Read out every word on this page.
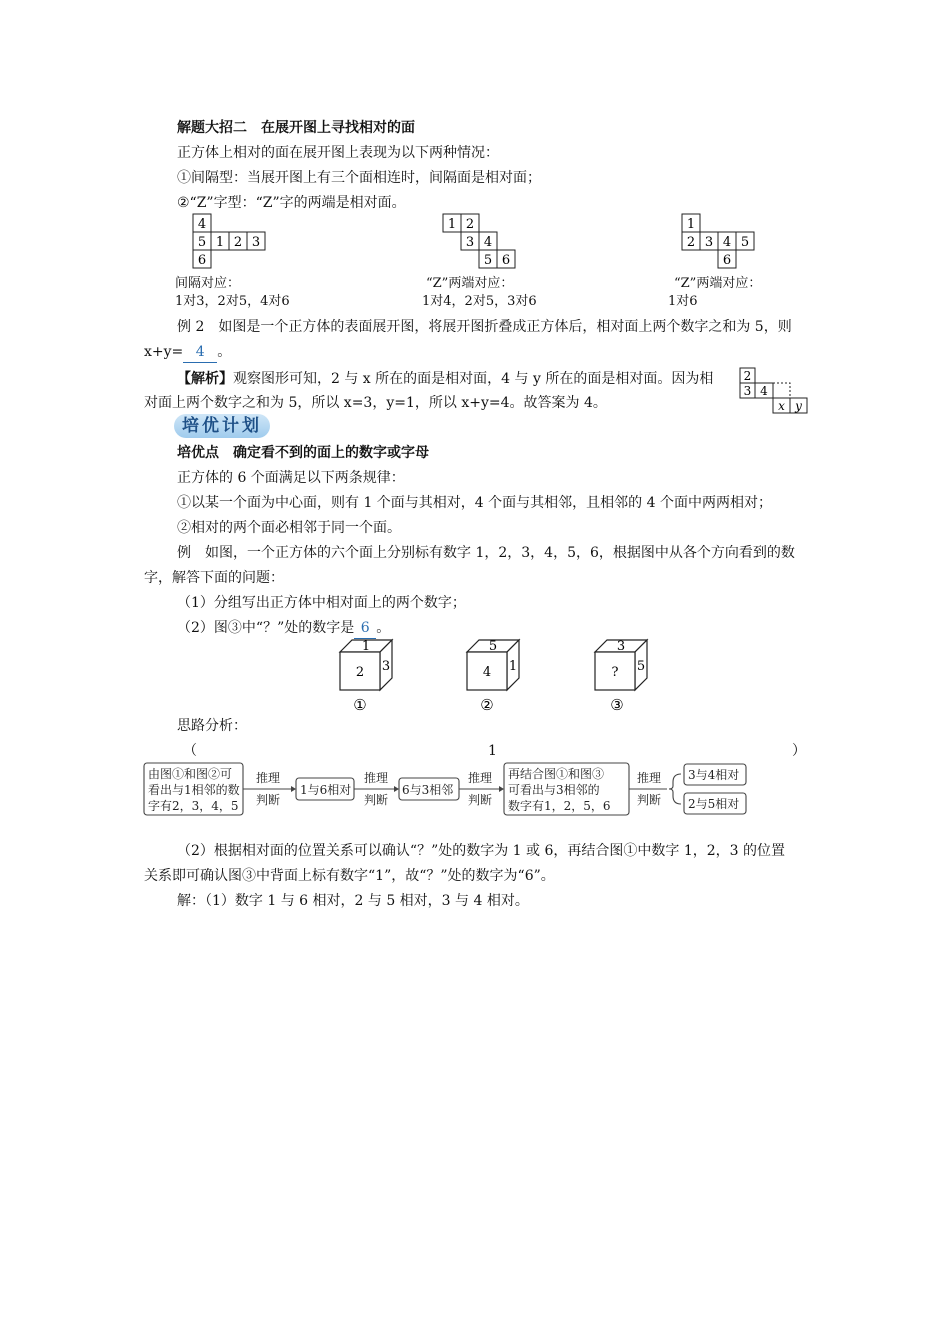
解题大招二　在展开图上寻找相对的面
正方体上相对的面在展开图上表现为以下两种情况：
①间隔型：当展开图上有三个面相连时，间隔面是相对面；
②“Z”字型：“Z”字的两端是相对面。
4
5 1 2 3
6
间隔对应：
1对3，2对5，4对6
1 2
3 4
5 6
“Z”两端对应：
1对4，2对5，3对6
1
2 3 4 5
6
“Z”两端对应：
1对6
例 2　如图是一个正方体的表面展开图，将展开图折叠成正方体后，相对面上两个数字之和为 5，则
x+y= 4 。
【解析】观察图形可知，2 与 x 所在的面是相对面，4 与 y 所在的面是相对面。因为相
对面上两个数字之和为 5，所以 x=3，y=1，所以 x+y=4。故答案为 4。
2
3 4
x y
培优计划
培优点　确定看不到的面上的数字或字母
正方体的 6 个面满足以下两条规律：
①以某一个面为中心面，则有 1 个面与其相对，4 个面与其相邻，且相邻的 4 个面中两两相对；
②相对的两个面必相邻于同一个面。
例　如图，一个正方体的六个面上分别标有数字 1，2，3，4，5，6，根据图中从各个方向看到的数
字，解答下面的问题：
（1）分组写出正方体中相对面上的两个数字；
（2）图③中“？”处的数字是 6 。
1
2 3
①
5
4 1
②
3
? 5
③
思路分析：
（	1	）
由图①和图②可
看出与1相邻的数
字有2，3，4，5
推理
判断
1与6相对
推理
判断
6与3相邻
推理
判断
再结合图①和图③
可看出与3相邻的
数字有1，2，5，6
推理
判断
3与4相对
2与5相对
（2）根据相对面的位置关系可以确认“？”处的数字为 1 或 6，再结合图①中数字 1，2，3 的位置
关系即可确认图③中背面上标有数字“1”，故“？”处的数字为“6”。
解：（1）数字 1 与 6 相对，2 与 5 相对，3 与 4 相对。
